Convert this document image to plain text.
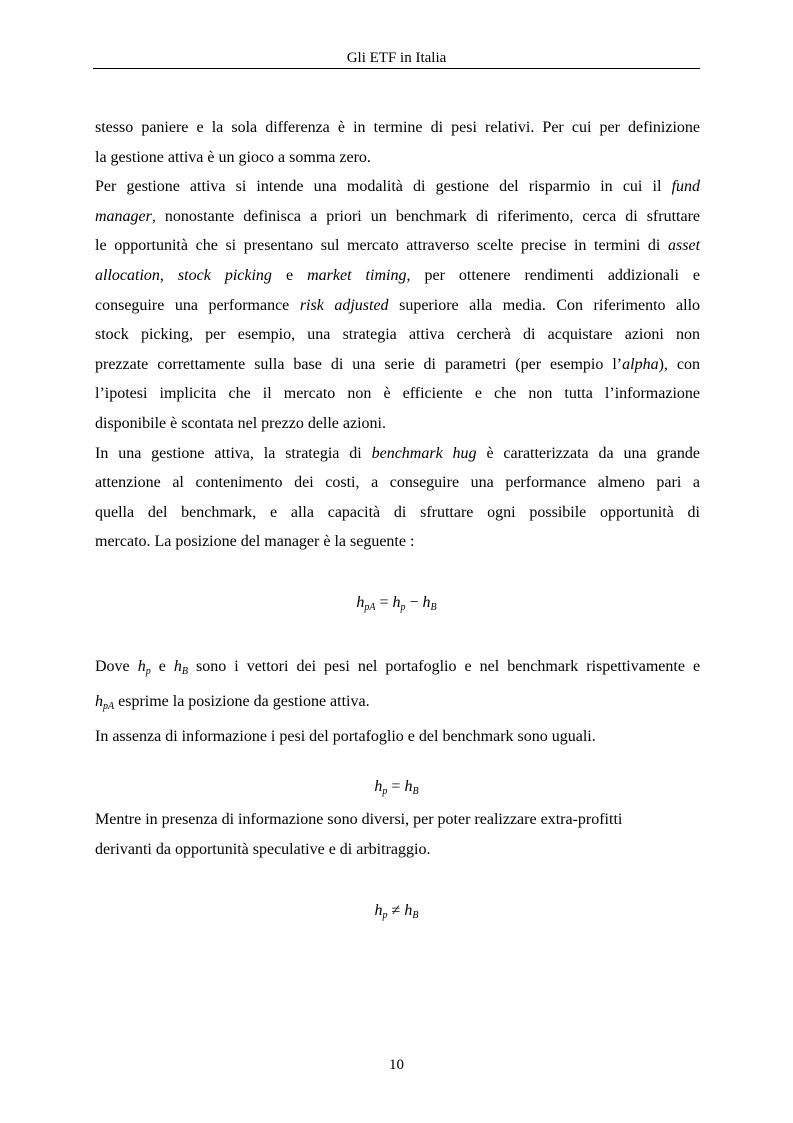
Gli ETF in Italia

stesso paniere e la sola differenza è in termine di pesi relativi. Per cui per definizione

la gestione attiva è un gioco a somma zero.

Per gestione attiva si intende una modalità di gestione del risparmio in cui il fund

manager, nonostante definisca a priori un benchmark di riferimento, cerca di sfruttare

le opportunità che si presentano sul mercato attraverso scelte precise in termini di asset

allocation, stock picking e market timing, per ottenere rendimenti addizionali e

conseguire una performance risk adjusted superiore alla media. Con riferimento allo

stock picking, per esempio, una strategia attiva cercherà di acquistare azioni non

prezzate correttamente sulla base di una serie di parametri (per esempio l’alpha), con

l’ipotesi implicita che il mercato non è efficiente e che non tutta l’informazione

disponibile è scontata nel prezzo delle azioni.

In una gestione attiva, la strategia di benchmark hug è caratterizzata da una grande

attenzione al contenimento dei costi, a conseguire una performance almeno pari a

quella del benchmark, e alla capacità di sfruttare ogni possibile opportunità di

mercato. La posizione del manager è la seguente :

$h_{pA} = h_p - h_B$
Dove $h_p$ e $h_B$ sono i vettori dei pesi nel portafoglio e nel benchmark rispettivamente e
$h_{pA}$ esprime la posizione da gestione attiva.
In assenza di informazione i pesi del portafoglio e del benchmark sono uguali.
$h_p = h_B$
Mentre in presenza di informazione sono diversi, per poter realizzare extra-profitti
derivanti da opportunità speculative e di arbitraggio.
$h_p \ne h_B$
10
